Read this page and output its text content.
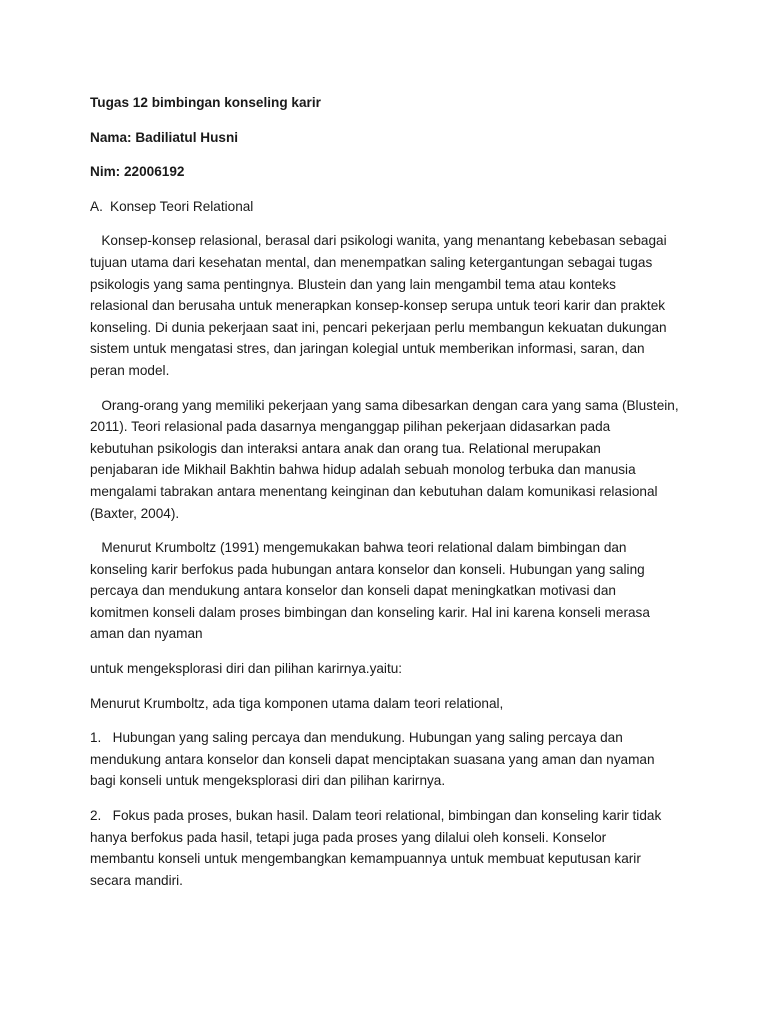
Tugas 12 bimbingan konseling karir

Nama: Badiliatul Husni

Nim: 22006192

A. Konsep Teori Relational

Konsep-konsep relasional, berasal dari psikologi wanita, yang menantang kebebasan sebagai

tujuan utama dari kesehatan mental, dan menempatkan saling ketergantungan sebagai tugas

psikologis yang sama pentingnya. Blustein dan yang lain mengambil tema atau konteks

relasional dan berusaha untuk menerapkan konsep-konsep serupa untuk teori karir dan praktek

konseling. Di dunia pekerjaan saat ini, pencari pekerjaan perlu membangun kekuatan dukungan

sistem untuk mengatasi stres, dan jaringan kolegial untuk memberikan informasi, saran, dan

peran model.

Orang-orang yang memiliki pekerjaan yang sama dibesarkan dengan cara yang sama (Blustein,

2011). Teori relasional pada dasarnya menganggap pilihan pekerjaan didasarkan pada

kebutuhan psikologis dan interaksi antara anak dan orang tua. Relational merupakan

penjabaran ide Mikhail Bakhtin bahwa hidup adalah sebuah monolog terbuka dan manusia

mengalami tabrakan antara menentang keinginan dan kebutuhan dalam komunikasi relasional

(Baxter, 2004).

Menurut Krumboltz (1991) mengemukakan bahwa teori relational dalam bimbingan dan

konseling karir berfokus pada hubungan antara konselor dan konseli. Hubungan yang saling

percaya dan mendukung antara konselor dan konseli dapat meningkatkan motivasi dan

komitmen konseli dalam proses bimbingan dan konseling karir. Hal ini karena konseli merasa

aman dan nyaman

untuk mengeksplorasi diri dan pilihan karirnya.yaitu:

Menurut Krumboltz, ada tiga komponen utama dalam teori relational,

1.   Hubungan yang saling percaya dan mendukung. Hubungan yang saling percaya dan

mendukung antara konselor dan konseli dapat menciptakan suasana yang aman dan nyaman

bagi konseli untuk mengeksplorasi diri dan pilihan karirnya.

2.   Fokus pada proses, bukan hasil. Dalam teori relational, bimbingan dan konseling karir tidak

hanya berfokus pada hasil, tetapi juga pada proses yang dilalui oleh konseli. Konselor

membantu konseli untuk mengembangkan kemampuannya untuk membuat keputusan karir

secara mandiri.
